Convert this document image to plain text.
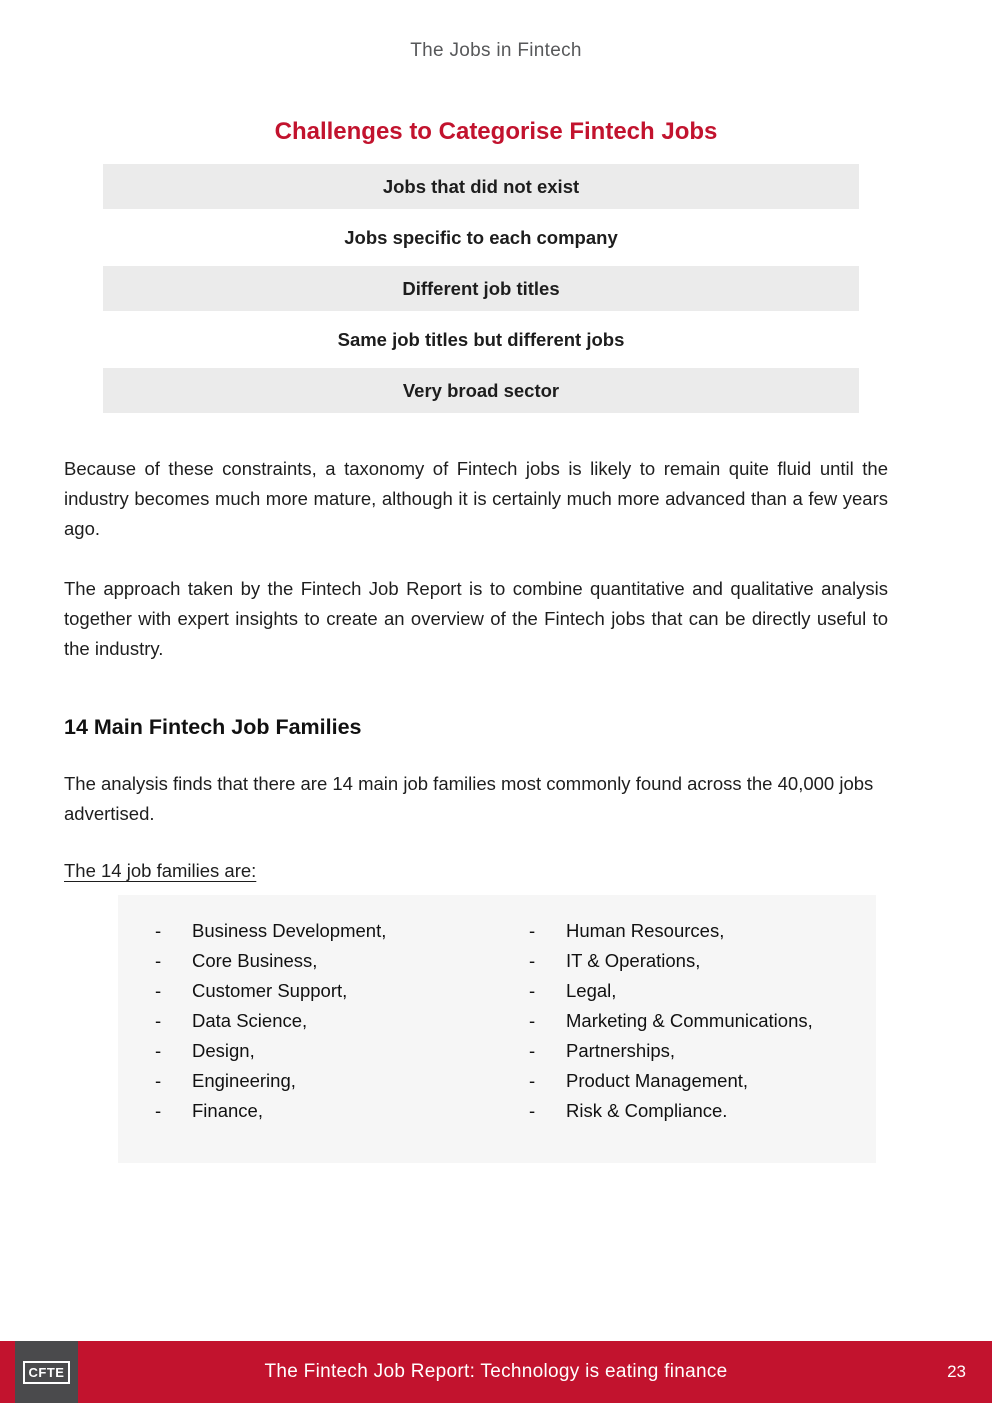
The Jobs in Fintech
Challenges to Categorise Fintech Jobs
Jobs that did not exist
Jobs specific to each company
Different job titles
Same job titles but different jobs
Very broad sector

Because of these constraints, a taxonomy of Fintech jobs is likely to remain quite fluid until the industry becomes much more mature, although it is certainly much more advanced than a few years ago.

The approach taken by the Fintech Job Report is to combine quantitative and qualitative analysis together with expert insights to create an overview of the Fintech jobs that can be directly useful to the industry.

14 Main Fintech Job Families

The analysis finds that there are 14 main job families most commonly found across the 40,000 jobs advertised.

The 14 job families are:

-	Business Development,
-	Core Business,
-	Customer Support,
-	Data Science,
-	Design,
-	Engineering,
-	Finance,
-	Human Resources,
-	IT & Operations,
-	Legal,
-	Marketing & Communications,
-	Partnerships,
-	Product Management,
-	Risk & Compliance.
CFTE	The Fintech Job Report: Technology is eating finance	23
